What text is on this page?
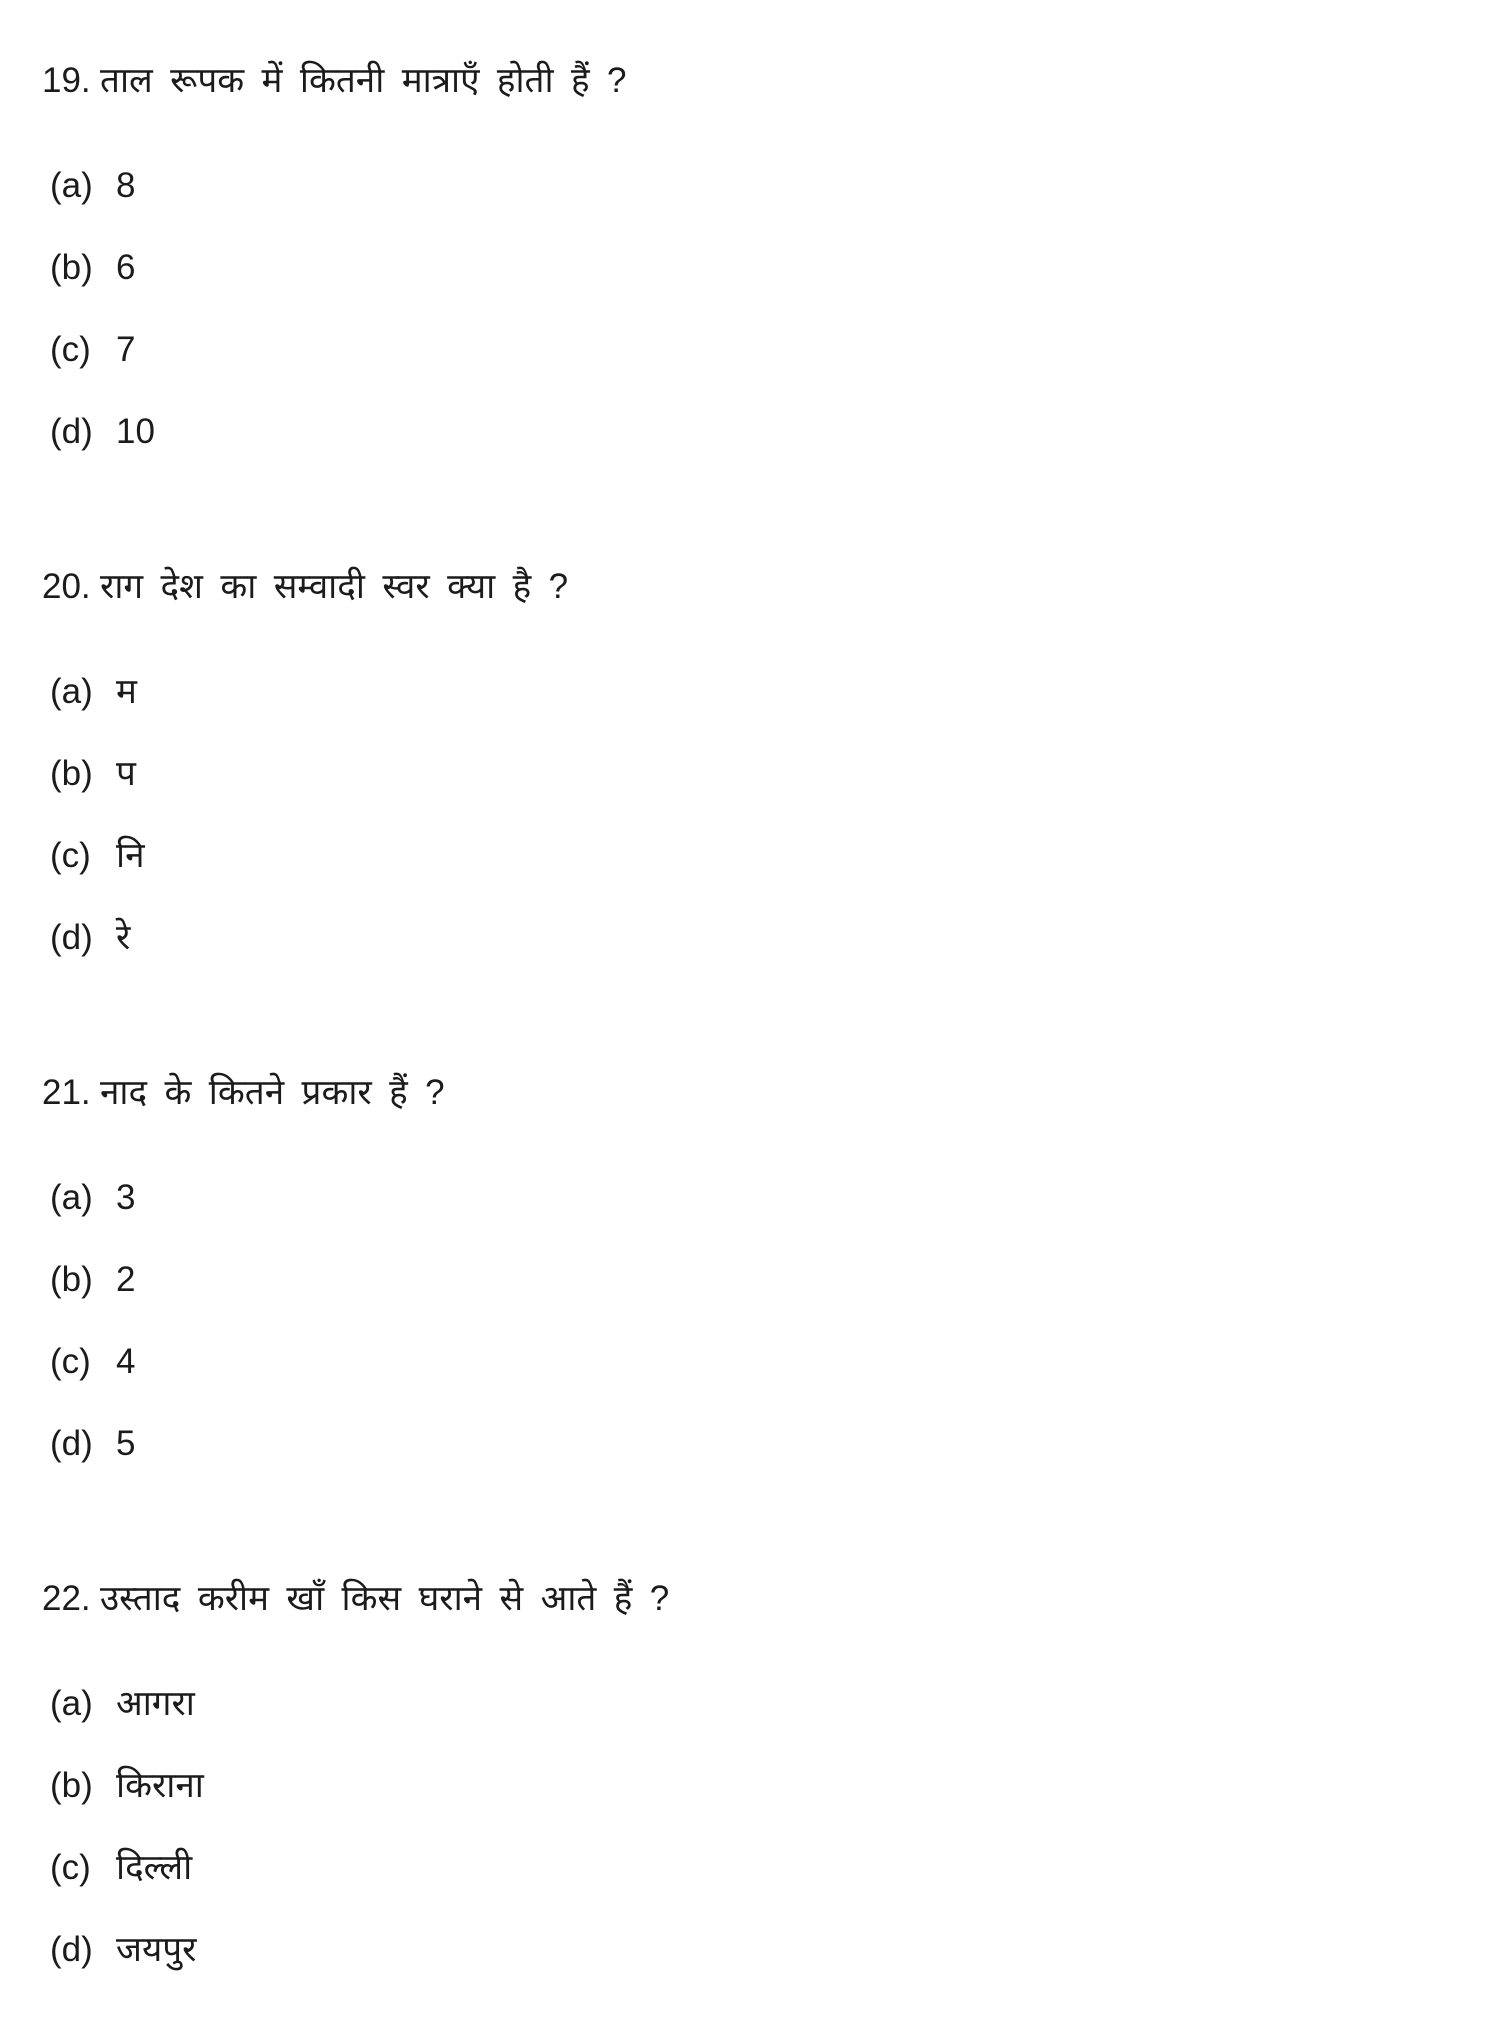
19. ताल रूपक में कितनी मात्राएँ होती हैं ?
(a) 8
(b) 6
(c) 7
(d) 10
20. राग देश का सम्वादी स्वर क्या है ?
(a) म
(b) प
(c) नि
(d) रे
21. नाद के कितने प्रकार हैं ?
(a) 3
(b) 2
(c) 4
(d) 5
22. उस्ताद करीम खाँ किस घराने से आते हैं ?
(a) आगरा
(b) किराना
(c) दिल्ली
(d) जयपुर
